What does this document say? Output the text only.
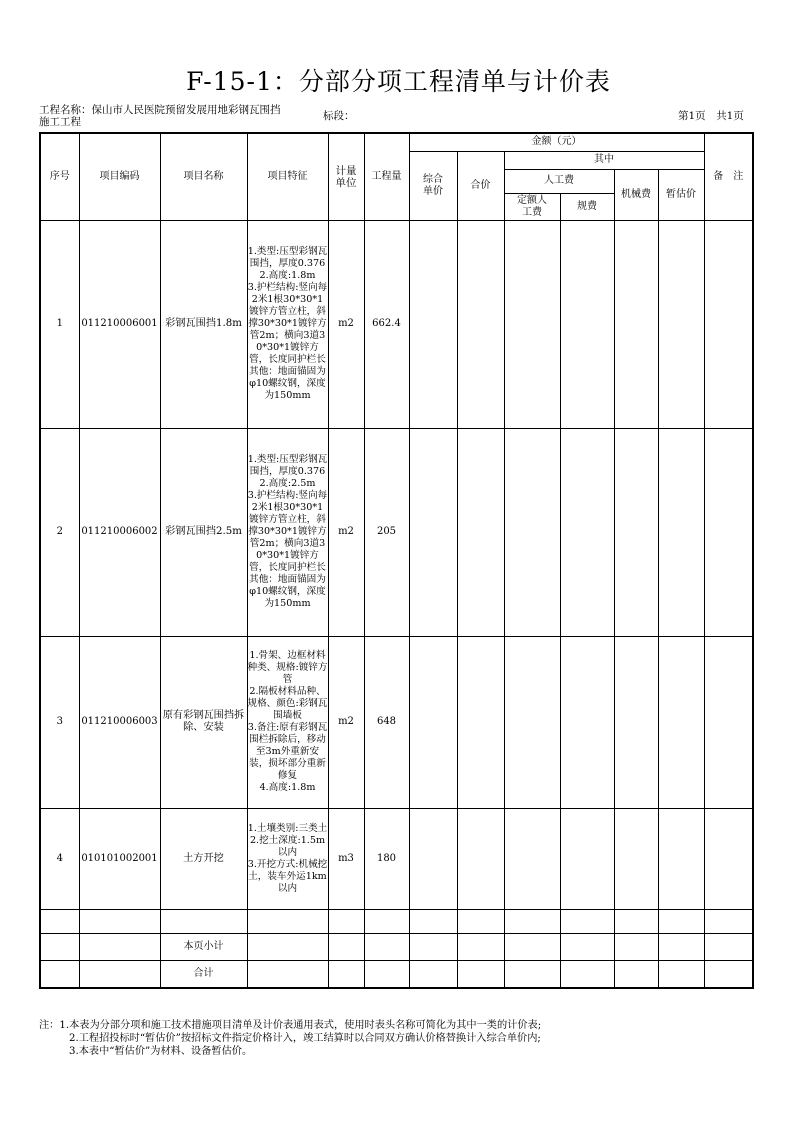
F-15-1：分部分项工程清单与计价表
工程名称：保山市人民医院预留发展用地彩钢瓦围挡
施工工程	标段：	第1页　共1页
序号	项目编码	项目名称	项目特征	计量单位	工程量	金额（元）						备　注
						综合单价	合价	其中				
								人工费		机械费	暂估价	
								定额人工费	规费			

1	011210006001	彩钢瓦围挡1.8m	1.类型:压型彩钢瓦围挡，厚度0.376
2.高度:1.8m
3.护栏结构:竖向每2米1根30*30*1镀锌方管立柱，斜撑30*30*1镀锌方管2m；横向3道30*30*1镀锌方管，长度同护栏长
其他：地面锚固为φ10螺纹钢，深度为150mm	m2	662.4							
2	011210006002	彩钢瓦围挡2.5m	1.类型:压型彩钢瓦围挡，厚度0.376
2.高度:2.5m
3.护栏结构:竖向每2米1根30*30*1镀锌方管立柱，斜撑30*30*1镀锌方管2m；横向3道30*30*1镀锌方管，长度同护栏长
其他：地面锚固为φ10螺纹钢，深度为150mm	m2	205							
3	011210006003	原有彩钢瓦围挡拆除、安装	1.骨架、边框材料种类、规格:镀锌方管
2.隔板材料品种、规格、颜色:彩钢瓦围墙板
3.备注:原有彩钢瓦围栏拆除后，移动至3m外重新安装，损坏部分重新修复
4.高度:1.8m	m2	648							
4	010101002001	土方开挖	1.土壤类别:三类土
2.挖土深度:1.5m以内
3.开挖方式:机械挖土，装车外运1km以内	m3	180							

		本页小计										
		合计										
注：1.本表为分部分项和施工技术措施项目清单及计价表通用表式，使用时表头名称可简化为其中一类的计价表;
2.工程招投标时“暂估价”按招标文件指定价格计入，竣工结算时以合同双方确认价格替换计入综合单价内;
3.本表中“暂估价”为材料、设备暂估价。
